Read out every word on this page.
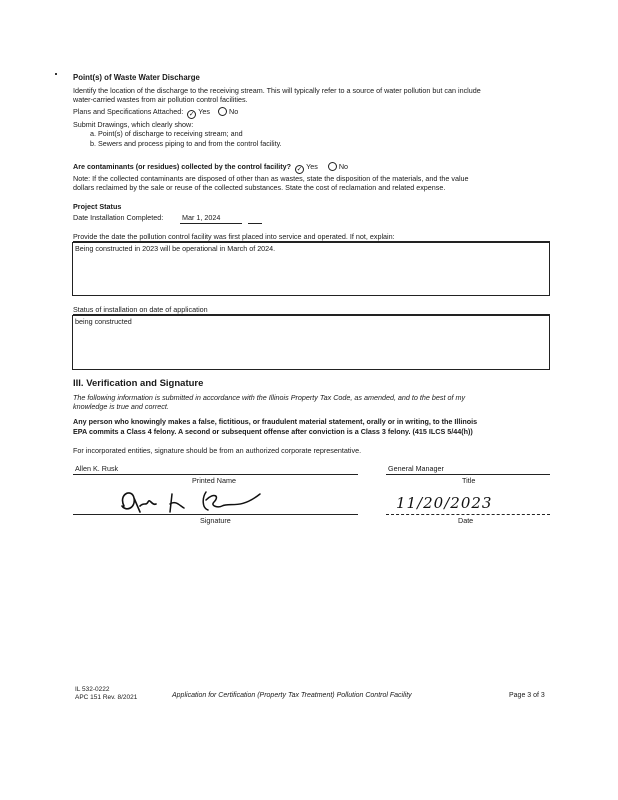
Point(s) of Waste Water Discharge
Identify the location of the discharge to the receiving stream. This will typically refer to a source of water pollution but can include
water-carried wastes from air pollution control facilities.
Plans and Specifications Attached: ✓ Yes	No
Submit Drawings, which clearly show:
a. Point(s) of discharge to receiving stream; and
b. Sewers and process piping to and from the control facility.
Are contaminants (or residues) collected by the control facility? ✓ Yes	No
Note: If the collected contaminants are disposed of other than as wastes, state the disposition of the materials, and the value
dollars reclaimed by the sale or reuse of the collected substances. State the cost of reclamation and related expense.
Project Status
Date Installation Completed:	Mar 1, 2024
Provide the date the pollution control facility was first placed into service and operated. If not, explain:
Being constructed in 2023 will be operational in March of 2024.
Status of installation on date of application
being constructed
III. Verification and Signature
The following information is submitted in accordance with the Illinois Property Tax Code, as amended, and to the best of my
knowledge is true and correct.
Any person who knowingly makes a false, fictitious, or fraudulent material statement, orally or in writing, to the Illinois
EPA commits a Class 4 felony. A second or subsequent offense after conviction is a Class 3 felony. (415 ILCS 5/44(h))
For incorporated entities, signature should be from an authorized corporate representative.
Allen K. Rusk
Printed Name
General Manager
Title
Signature
11/20/2023
Date
IL 532-0222
APC 151 Rev. 8/2021	Application for Certification (Property Tax Treatment) Pollution Control Facility	Page 3 of 3
